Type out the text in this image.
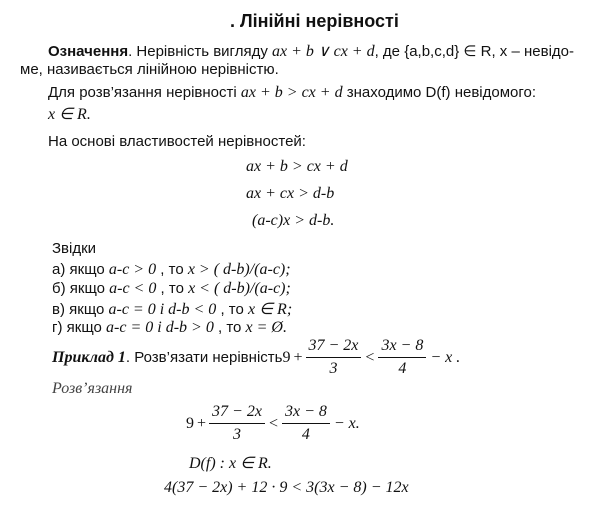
. Лінійні нерівності
Означення. Нерівність вигляду ax + b ∨ cx + d, де {a,b,c,d} ∈ R, x – невідо-
ме, називається лінійною нерівністю.
Для розв’язання нерівності ax + b > cx + d знаходимо D(f) невідомого:
x ∈ R.
На основі властивостей нерівностей:
ax + b > cx + d
ax + cx > d-b
(a-c)x > d-b.
Звідки
а) якщо a-c > 0 , то x > ( d-b)/(a-c);
б) якщо a-c < 0 , то x < ( d-b)/(a-c);
в) якщо a-c = 0 і d-b < 0 , то x ∈ R;
г) якщо a-c = 0 і d-b > 0 , то x = Ø.
Приклад 1 . Розв’язати нерівність $9 + \frac{37 - 2x}{3} < \frac{3x - 8}{4} - x$ .
Розв’язання
$9 + \frac{37 - 2x}{3} < \frac{3x - 8}{4} - x$.
D(f) : x ∈ R.
4(37 − 2x) + 12 · 9 < 3(3x − 8) − 12x
